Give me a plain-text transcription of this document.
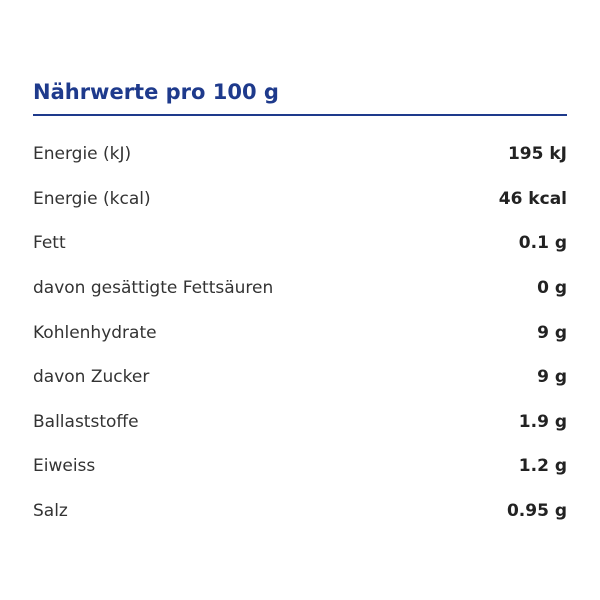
Nährwerte pro 100 g
Energie (kJ)	195 kJ
Energie (kcal)	46 kcal
Fett	0.1 g
davon gesättigte Fettsäuren	0 g
Kohlenhydrate	9 g
davon Zucker	9 g
Ballaststoffe	1.9 g
Eiweiss	1.2 g
Salz	0.95 g
